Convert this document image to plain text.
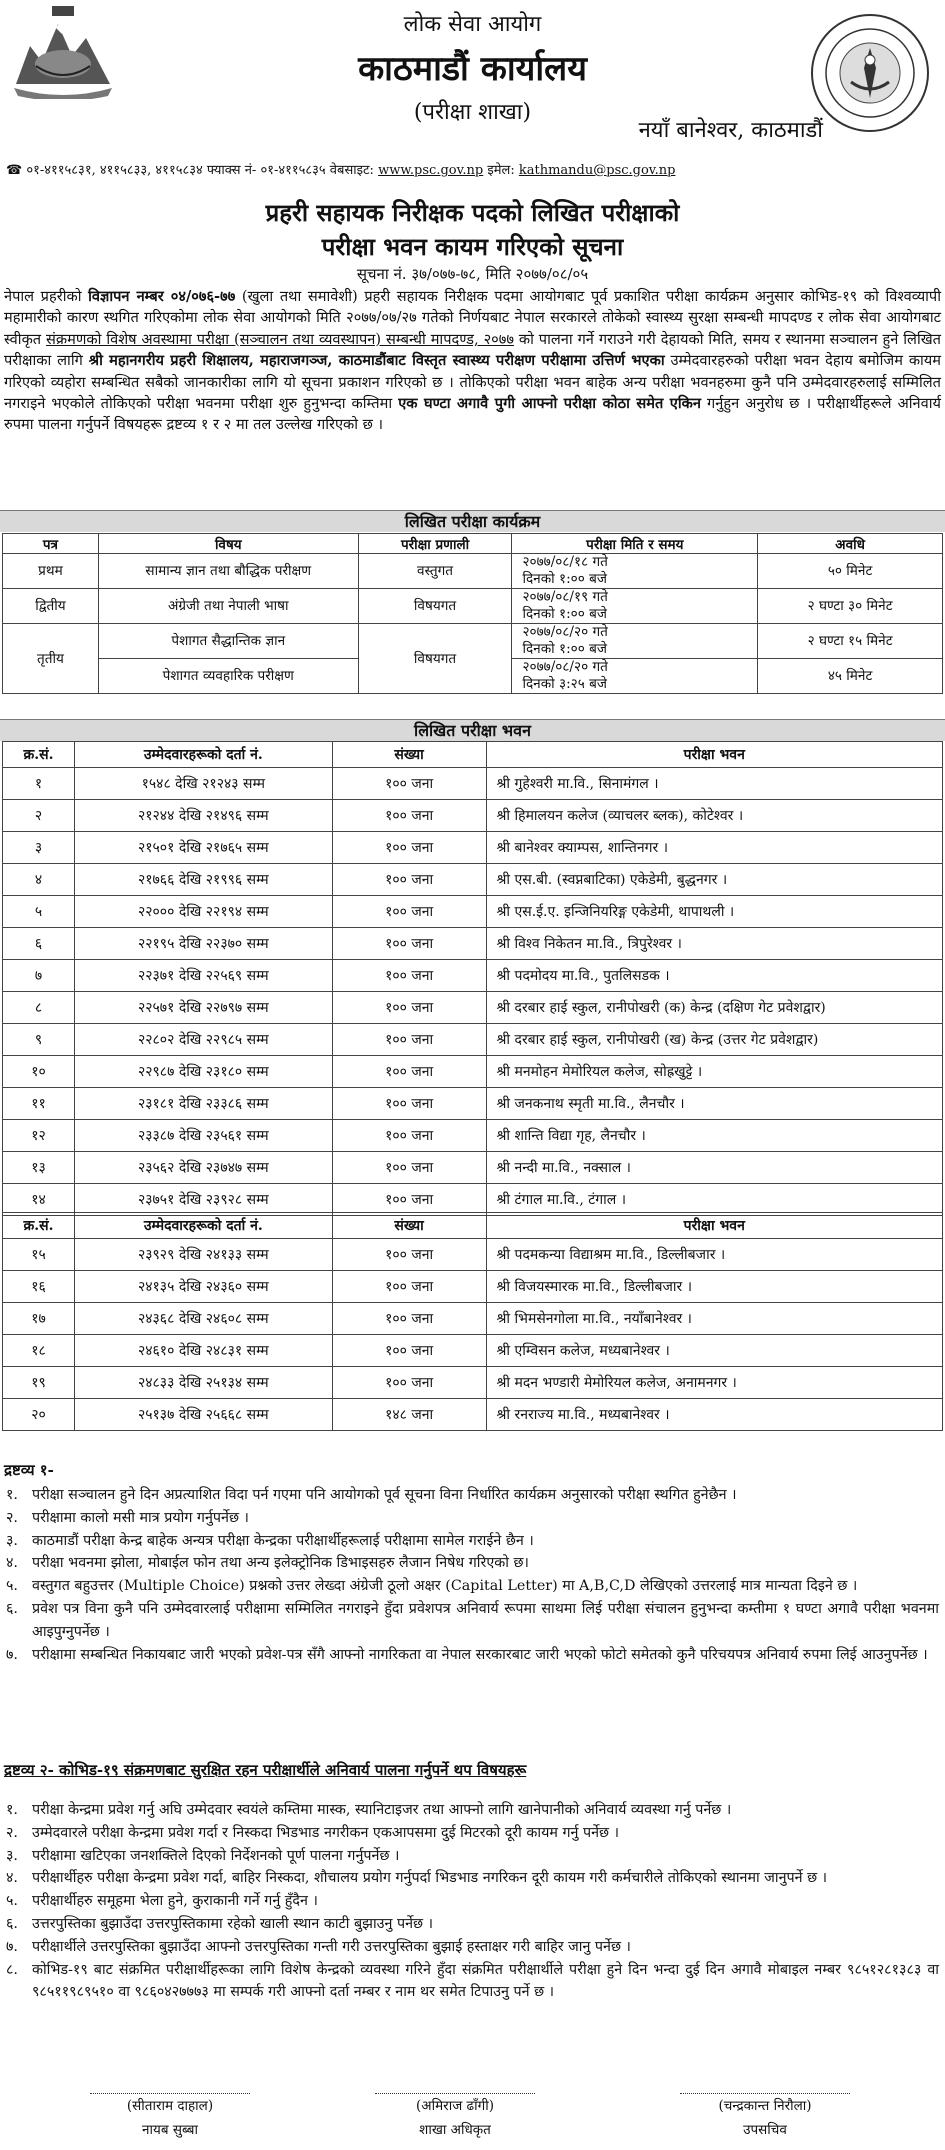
लोक सेवा आयोग
काठमाडौं कार्यालय
(परीक्षा शाखा)
नयाँ बानेश्वर, काठमाडौं
☎ ०१-४११५८३१, ४११५८३३, ४११५८३४ फ्याक्स नं- ०१-४११५८३५ वेबसाइट: www.psc.gov.np इमेल: kathmandu@psc.gov.np
प्रहरी सहायक निरीक्षक पदको लिखित परीक्षाको
परीक्षा भवन कायम गरिएको सूचना
सूचना नं. ३७/०७७-७८, मिति २०७७/०८/०५
नेपाल प्रहरीको विज्ञापन नम्बर ०४/०७६-७७ (खुला तथा समावेशी) प्रहरी सहायक निरीक्षक पदमा आयोगबाट पूर्व प्रकाशित परीक्षा कार्यक्रम अनुसार कोभिड-१९ को विश्वव्यापी महामारीको कारण स्थगित गरिएकोमा लोक सेवा आयोगको मिति २०७७/०७/२७ गतेको निर्णयबाट नेपाल सरकारले तोकेको स्वास्थ्य सुरक्षा सम्बन्धी मापदण्ड र लोक सेवा आयोगबाट स्वीकृत संक्रमणको विशेष अवस्थामा परीक्षा (सञ्चालन तथा व्यवस्थापन) सम्बन्धी मापदण्ड, २०७७ को पालना गर्ने गराउने गरी देहायको मिति, समय र स्थानमा सञ्चालन हुने लिखित परीक्षाका लागि श्री महानगरीय प्रहरी शिक्षालय, महाराजगञ्ज, काठमाडौंबाट विस्तृत स्वास्थ्य परीक्षण परीक्षामा उत्तिर्ण भएका उम्मेदवारहरुको परीक्षा भवन देहाय बमोजिम कायम गरिएको व्यहोरा सम्बन्धित सबैको जानकारीका लागि यो सूचना प्रकाशन गरिएको छ । तोकिएको परीक्षा भवन बाहेक अन्य परीक्षा भवनहरुमा कुनै पनि उम्मेदवारहरुलाई सम्मिलित नगराइने भएकोले तोकिएको परीक्षा भवनमा परीक्षा शुरु हुनुभन्दा कम्तिमा एक घण्टा अगावै पुगी आफ्नो परीक्षा कोठा समेत एकिन गर्नुहुन अनुरोध छ । परीक्षार्थीहरूले अनिवार्य रुपमा पालना गर्नुपर्ने विषयहरू द्रष्टव्य १ र २ मा तल उल्लेख गरिएको छ ।
लिखित परीक्षा कार्यक्रम
पत्र	विषय	परीक्षा प्रणाली	परीक्षा मिति र समय	अवधि
प्रथम	सामान्य ज्ञान तथा बौद्धिक परीक्षण	वस्तुगत	२०७७/०८/१८ गते
दिनको १:०० बजे	५० मिनेट
द्वितीय	अंग्रेजी तथा नेपाली भाषा	विषयगत	२०७७/०८/१९ गते
दिनको १:०० बजे	२ घण्टा ३० मिनेट
तृतीय	पेशागत सैद्धान्तिक ज्ञान	विषयगत	२०७७/०८/२० गते
दिनको १:०० बजे	२ घण्टा १५ मिनेट
	पेशागत व्यवहारिक परीक्षण		२०७७/०८/२० गते
दिनको ३:२५ बजे	४५ मिनेट
लिखित परीक्षा भवन
क्र.सं.	उम्मेदवारहरूको दर्ता नं.	संख्या	परीक्षा भवन
१	१५४८ देखि २१२४३ सम्म	१०० जना	श्री गुहेश्वरी मा.वि., सिनामंगल ।
२	२१२४४ देखि २१४९६ सम्म	१०० जना	श्री हिमालयन कलेज (व्याचलर ब्लक), कोटेश्वर ।
३	२१५०१ देखि २१७६५ सम्म	१०० जना	श्री बानेश्वर क्याम्पस, शान्तिनगर ।
४	२१७६६ देखि २१९९६ सम्म	१०० जना	श्री एस.बी. (स्वप्नबाटिका) एकेडेमी, बुद्धनगर ।
५	२२००० देखि २२१९४ सम्म	१०० जना	श्री एस.ई.ए. इन्जिनियरिङ्ग एकेडेमी, थापाथली ।
६	२२१९५ देखि २२३७० सम्म	१०० जना	श्री विश्व निकेतन मा.वि., त्रिपुरेश्वर ।
७	२२३७१ देखि २२५६९ सम्म	१०० जना	श्री पदमोदय मा.वि., पुतलिसडक ।
८	२२५७१ देखि २२७९७ सम्म	१०० जना	श्री दरबार हाई स्कुल, रानीपोखरी (क) केन्द्र (दक्षिण गेट प्रवेशद्वार)
९	२२८०२ देखि २२९८५ सम्म	१०० जना	श्री दरबार हाई स्कुल, रानीपोखरी (ख) केन्द्र (उत्तर गेट प्रवेशद्वार)
१०	२२९८७ देखि २३१८० सम्म	१०० जना	श्री मनमोहन मेमोरियल कलेज, सोह्रखुट्टे ।
११	२३१८१ देखि २३३८६ सम्म	१०० जना	श्री जनकनाथ स्मृती मा.वि., लैनचौर ।
१२	२३३८७ देखि २३५६१ सम्म	१०० जना	श्री शान्ति विद्या गृह, लैनचौर ।
१३	२३५६२ देखि २३७४७ सम्म	१०० जना	श्री नन्दी मा.वि., नक्साल ।
१४	२३७५१ देखि २३९२८ सम्म	१०० जना	श्री टंगाल मा.वि., टंगाल ।
क्र.सं.	उम्मेदवारहरूको दर्ता नं.	संख्या	परीक्षा भवन
१५	२३९२९ देखि २४१३३ सम्म	१०० जना	श्री पदमकन्या विद्याश्रम मा.वि., डिल्लीबजार ।
१६	२४१३५ देखि २४३६० सम्म	१०० जना	श्री विजयस्मारक मा.वि., डिल्लीबजार ।
१७	२४३६८ देखि २४६०८ सम्म	१०० जना	श्री भिमसेनगोला मा.वि., नयाँबानेश्वर ।
१८	२४६१० देखि २४८३१ सम्म	१०० जना	श्री एम्विसन कलेज, मध्यबानेश्वर ।
१९	२४८३३ देखि २५१३४ सम्म	१०० जना	श्री मदन भण्डारी मेमोरियल कलेज, अनामनगर ।
२०	२५१३७ देखि २५६६८ सम्म	१४८ जना	श्री रनराज्य मा.वि., मध्यबानेश्वर ।
द्रष्टव्य १-
१. परीक्षा सञ्चालन हुने दिन अप्रत्याशित विदा पर्न गएमा पनि आयोगको पूर्व सूचना विना निर्धारित कार्यक्रम अनुसारको परीक्षा स्थगित हुनेछैन ।
२. परीक्षामा कालो मसी मात्र प्रयोग गर्नुपर्नेछ ।
३. काठमाडौं परीक्षा केन्द्र बाहेक अन्यत्र परीक्षा केन्द्रका परीक्षार्थीहरूलाई परीक्षामा सामेल गराईने छैन ।
४. परीक्षा भवनमा झोला, मोबाईल फोन तथा अन्य इलेक्ट्रोनिक डिभाइसहरु लैजान निषेध गरिएको छ।
५. वस्तुगत बहुउत्तर (Multiple Choice) प्रश्नको उत्तर लेख्दा अंग्रेजी ठूलो अक्षर (Capital Letter) मा A,B,C,D लेखिएको उत्तरलाई मात्र मान्यता दिइने छ ।
६. प्रवेश पत्र विना कुनै पनि उम्मेदवारलाई परीक्षामा सम्मिलित नगराइने हुँदा प्रवेशपत्र अनिवार्य रूपमा साथमा लिई परीक्षा संचालन हुनुभन्दा कम्तीमा १ घण्टा अगावै परीक्षा भवनमा आइपुग्नुपर्नेछ ।
७. परीक्षामा सम्बन्धित निकायबाट जारी भएको प्रवेश-पत्र सँगै आफ्नो नागरिकता वा नेपाल सरकारबाट जारी भएको फोटो समेतको कुनै परिचयपत्र अनिवार्य रुपमा लिई आउनुपर्नेछ ।
द्रष्टव्य २- कोभिड-१९ संक्रमणबाट सुरक्षित रहन परीक्षार्थीले अनिवार्य पालना गर्नुपर्ने थप विषयहरू
१. परीक्षा केन्द्रमा प्रवेश गर्नु अघि उम्मेदवार स्वयंले कम्तिमा मास्क, स्यानिटाइजर तथा आफ्नो लागि खानेपानीको अनिवार्य व्यवस्था गर्नु पर्नेछ ।
२. उम्मेदवारले परीक्षा केन्द्रमा प्रवेश गर्दा र निस्कदा भिडभाड नगरीकन एकआपसमा दुई मिटरको दूरी कायम गर्नु पर्नेछ ।
३. परीक्षामा खटिएका जनशक्तिले दिएको निर्देशनको पूर्ण पालना गर्नुपर्नेछ ।
४. परीक्षार्थीहरु परीक्षा केन्द्रमा प्रवेश गर्दा, बाहिर निस्कदा, शौचालय प्रयोग गर्नुपर्दा भिडभाड नगरिकन दूरी कायम गरी कर्मचारीले तोकिएको स्थानमा जानुपर्ने छ ।
५. परीक्षार्थीहरु समूहमा भेला हुने, कुराकानी गर्ने गर्नु हुँदैन ।
६. उत्तरपुस्तिका बुझाउँदा उत्तरपुस्तिकामा रहेको खाली स्थान काटी बुझाउनु पर्नेछ ।
७. परीक्षार्थीले उत्तरपुस्तिका बुझाउँदा आफ्नो उत्तरपुस्तिका गन्ती गरी उत्तरपुस्तिका बुझाई हस्ताक्षर गरी बाहिर जानु पर्नेछ ।
८. कोभिड-१९ बाट संक्रमित परीक्षार्थीहरूका लागि विशेष केन्द्रको व्यवस्था गरिने हुँदा संक्रमित परीक्षार्थीले परीक्षा हुने दिन भन्दा दुई दिन अगावै मोबाइल नम्बर ९८५१२८१३८३ वा ९८५११९८९५१० वा ९८६०४२७७७३ मा सम्पर्क गरी आफ्नो दर्ता नम्बर र नाम थर समेत टिपाउनु पर्ने छ ।
(सीताराम दाहाल)
नायब सुब्बा
(अमिराज ढाँगी)
शाखा अधिकृत
(चन्द्रकान्त निरौला)
उपसचिव
